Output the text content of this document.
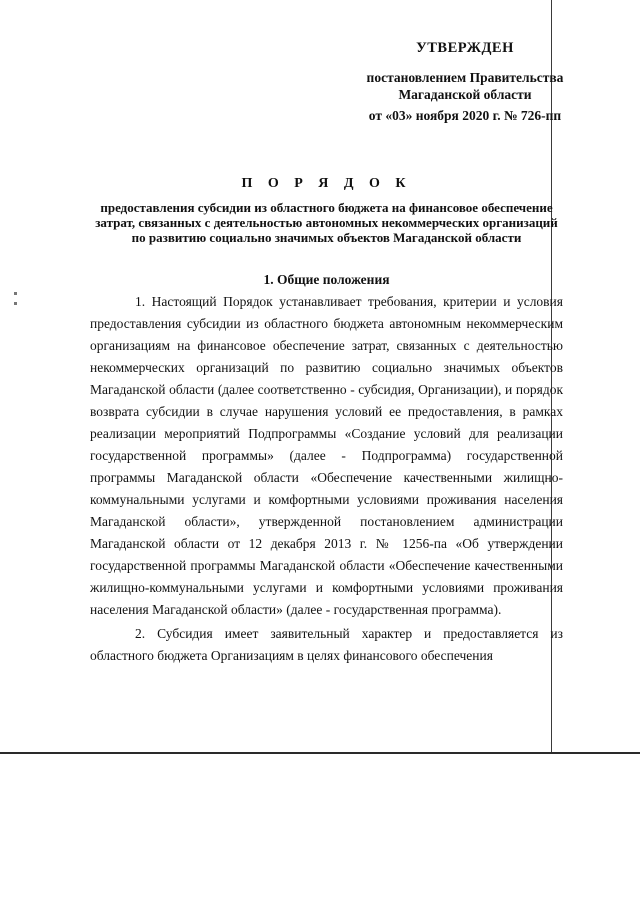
УТВЕРЖДЕН
постановлением Правительства
Магаданской области
от «03» ноября 2020 г. № 726-пп
П О Р Я Д О К
предоставления субсидии из областного бюджета на финансовое обеспечение затрат, связанных с деятельностью автономных некоммерческих организаций по развитию социально значимых объектов Магаданской области
1. Общие положения

1. Настоящий Порядок устанавливает требования, критерии и условия предоставления субсидии из областного бюджета автономным некоммерческим организациям на финансовое обеспечение затрат, связанных с деятельностью некоммерческих организаций по развитию социально значимых объектов Магаданской области (далее соответственно - субсидия, Организации), и порядок возврата субсидии в случае нарушения условий ее предоставления, в рамках реализации мероприятий Подпрограммы «Создание условий для реализации государственной программы» (далее - Подпрограмма) государственной программы Магаданской области «Обеспечение качественными жилищно-коммунальными услугами и комфортными условиями проживания населения Магаданской области», утвержденной постановлением администрации Магаданской области от 12 декабря 2013 г. № 1256-па «Об утверждении государственной программы Магаданской области «Обеспечение качественными жилищно-коммунальными услугами и комфортными условиями проживания населения Магаданской области» (далее - государственная программа).

2. Субсидия имеет заявительный характер и предоставляется из областного бюджета Организациям в целях финансового обеспечения
